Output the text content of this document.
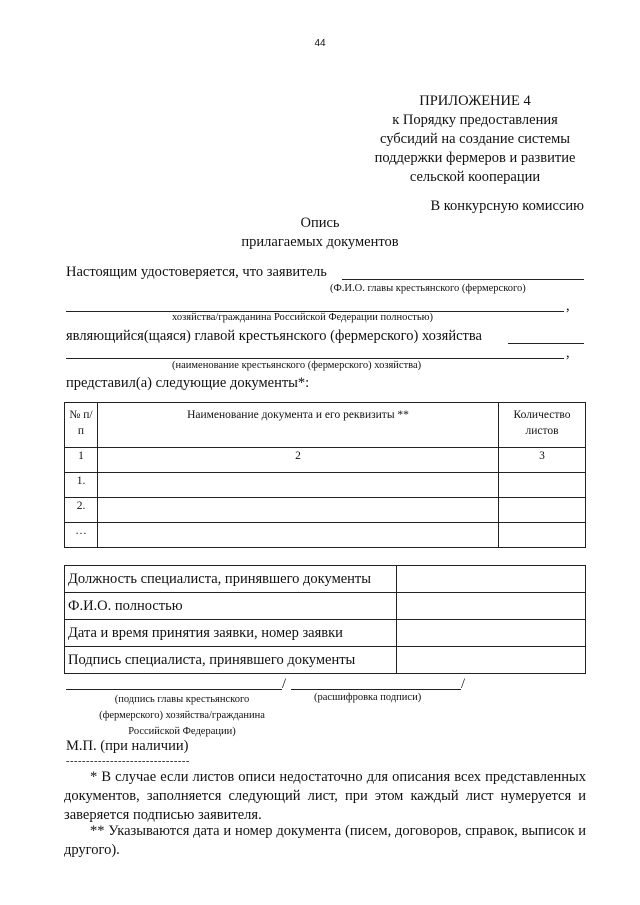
44
ПРИЛОЖЕНИЕ 4
к Порядку предоставления
субсидий на создание системы
поддержки фермеров и развитие
сельской кооперации
В конкурсную комиссию
Опись
прилагаемых документов
Настоящим удостоверяется, что заявитель
(Ф.И.О. главы крестьянского (фермерского)
,
хозяйства/гражданина Российской Федерации полностью)
являющийся(щаяся) главой крестьянского (фермерского) хозяйства
,
(наименование крестьянского (фермерского) хозяйства)
представил(а) следующие документы*:
№ п/п	Наименование документа и его реквизиты **	Количество листов
1	2	3
1.		
2.		
…		
Должность специалиста, принявшего документы	
Ф.И.О. полностью	
Дата и время принятия заявки, номер заявки	
Подпись специалиста, принявшего документы	
/	/
(подпись главы крестьянского
(фермерского) хозяйства/гражданина
Российской Федерации)
(расшифровка подписи)
М.П. (при наличии)
-------------------------------
* В случае если листов описи недостаточно для описания всех представленных документов, заполняется следующий лист, при этом каждый лист нумеруется и заверяется подписью заявителя.
** Указываются дата и номер документа (писем, договоров, справок, выписок и другого).
